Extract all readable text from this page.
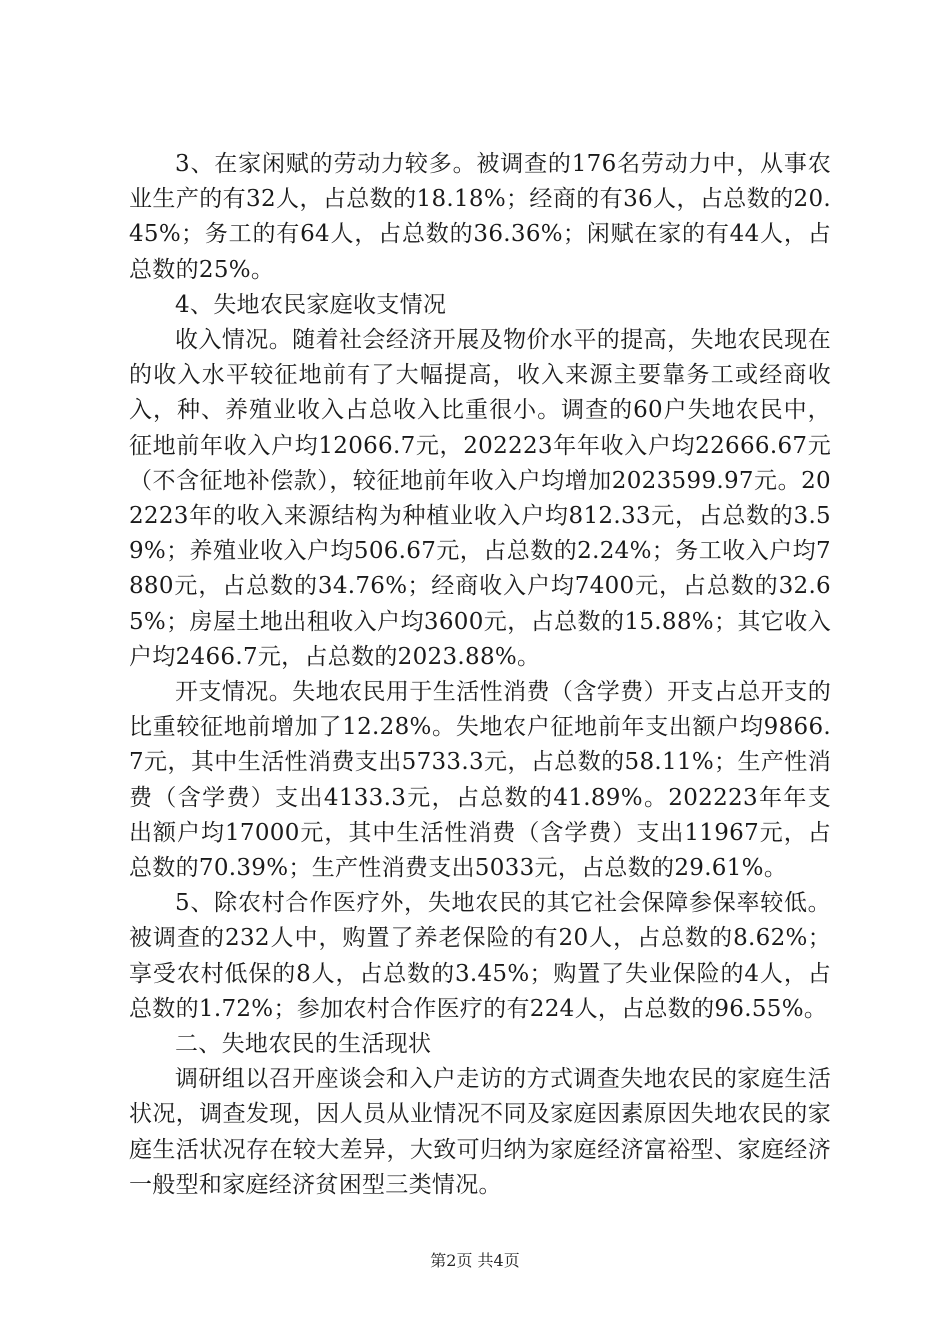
3、在家闲赋的劳动力较多。被调查的176名劳动力中，从事农业生产的有32人，占总数的18.18%；经商的有36人，占总数的20.45%；务工的有64人，占总数的36.36%；闲赋在家的有44人，占总数的25%。

4、失地农民家庭收支情况

收入情况。随着社会经济开展及物价水平的提高，失地农民现在的收入水平较征地前有了大幅提高，收入来源主要靠务工或经商收入，种、养殖业收入占总收入比重很小。调查的60户失地农民中，征地前年收入户均12066.7元，202223年年收入户均22666.67元（不含征地补偿款），较征地前年收入户均增加2023599.97元。202223年的收入来源结构为种植业收入户均812.33元，占总数的3.59%；养殖业收入户均506.67元，占总数的2.24%；务工收入户均7880元，占总数的34.76%；经商收入户均7400元，占总数的32.65%；房屋土地出租收入户均3600元，占总数的15.88%；其它收入户均2466.7元，占总数的2023.88%。

开支情况。失地农民用于生活性消费（含学费）开支占总开支的比重较征地前增加了12.28%。失地农户征地前年支出额户均9866.7元，其中生活性消费支出5733.3元，占总数的58.11%；生产性消费（含学费）支出4133.3元，占总数的41.89%。202223年年支出额户均17000元，其中生活性消费（含学费）支出11967元，占总数的70.39%；生产性消费支出5033元，占总数的29.61%。

5、除农村合作医疗外，失地农民的其它社会保障参保率较低。被调查的232人中，购置了养老保险的有20人，占总数的8.62%；享受农村低保的8人，占总数的3.45%；购置了失业保险的4人，占总数的1.72%；参加农村合作医疗的有224人，占总数的96.55%。

二、失地农民的生活现状

调研组以召开座谈会和入户走访的方式调查失地农民的家庭生活状况，调查发现，因人员从业情况不同及家庭因素原因失地农民的家庭生活状况存在较大差异，大致可归纳为家庭经济富裕型、家庭经济一般型和家庭经济贫困型三类情况。

第2页 共4页
